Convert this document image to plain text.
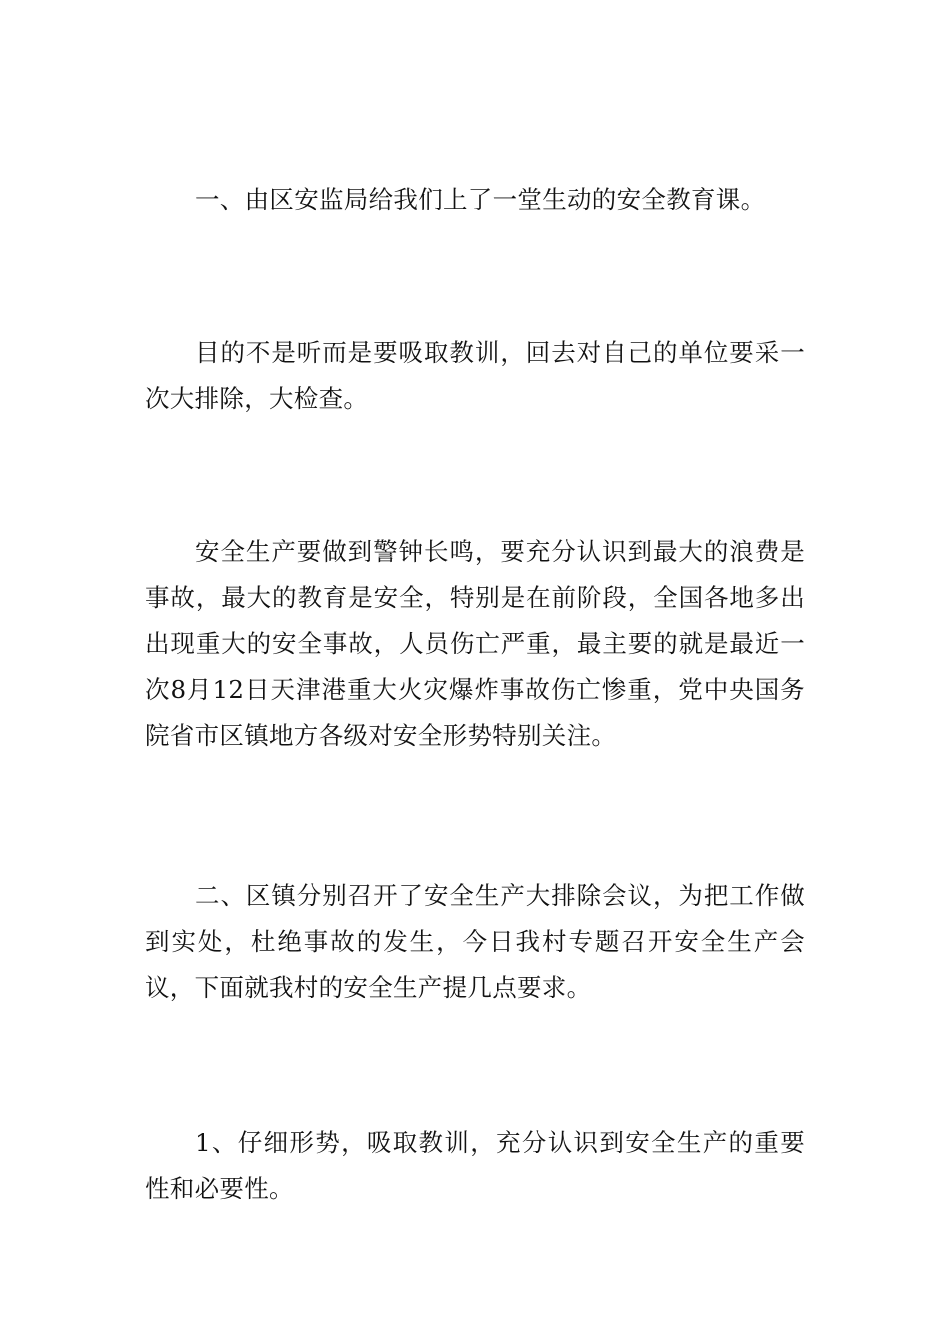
一、由区安监局给我们上了一堂生动的安全教育课。

目的不是听而是要吸取教训，回去对自己的单位要采一次大排除，大检查。

安全生产要做到警钟长鸣，要充分认识到最大的浪费是事故，最大的教育是安全，特别是在前阶段，全国各地多出出现重大的安全事故，人员伤亡严重，最主要的就是最近一次8月12日天津港重大火灾爆炸事故伤亡惨重，党中央国务院省市区镇地方各级对安全形势特别关注。

二、区镇分别召开了安全生产大排除会议，为把工作做到实处，杜绝事故的发生，今日我村专题召开安全生产会议，下面就我村的安全生产提几点要求。

1、仔细形势，吸取教训，充分认识到安全生产的重要性和必要性。
